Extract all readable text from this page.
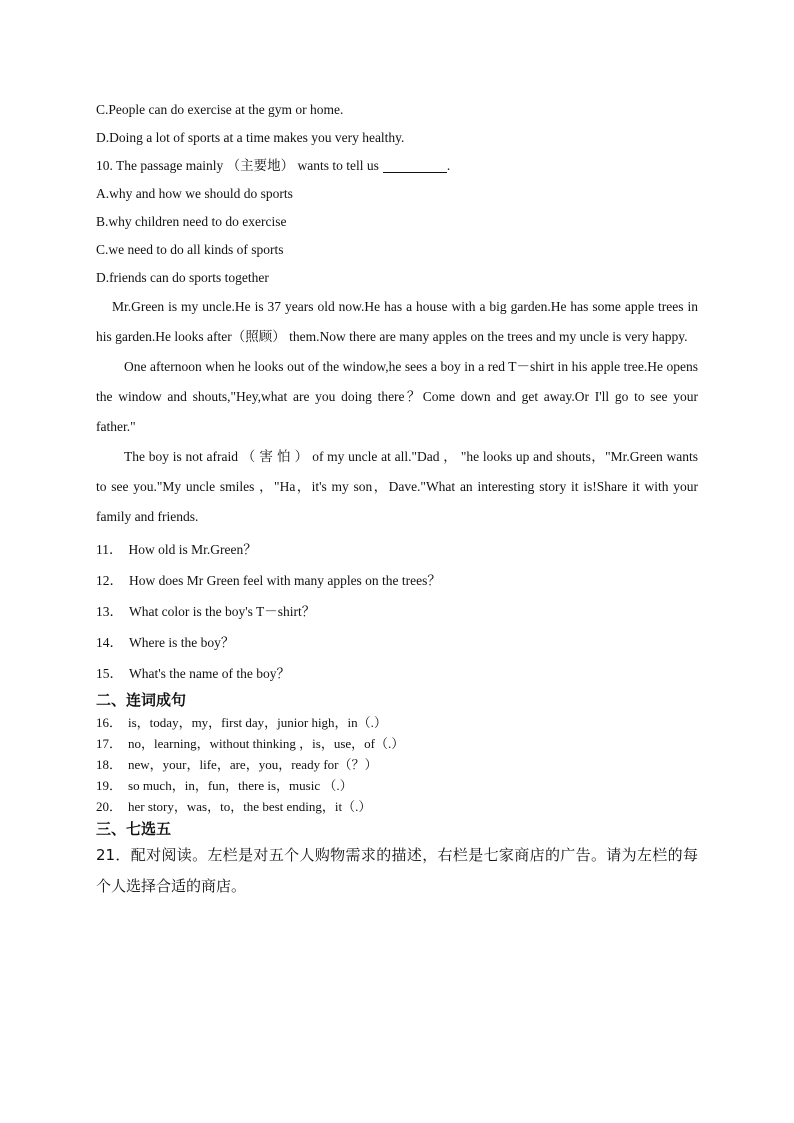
C.People can do exercise at the gym or home.

D.Doing a lot of sports at a time makes you very healthy.

10. The passage mainly （主要地） wants to tell us	.

A.why and how we should do sports

B.why children need to do exercise

C.we need to do all kinds of sports

D.friends can do sports together

Mr.Green is my uncle.He is 37 years old now.He has a house with a big garden.He has some apple trees in his garden.He looks after（照顾） them.Now there are many apples on the trees and my uncle is very happy.

One afternoon when he looks out of the window,he sees a boy in a red T－shirt in his apple tree.He opens the window and shouts,"Hey,what are you doing there？Come down and get away.Or I'll go to see your father."

The boy is not afraid （ 害 怕 ） of my uncle at all."Dad ， "he looks up and shouts，"Mr.Green wants to see you."My uncle smiles ，"Ha，it's my son，Dave."What an interesting story it is!Share it with your family and friends.

11． How old is Mr.Green？
12． How does Mr Green feel with many apples on the trees？
13． What color is the boy's T－shirt？
14． Where is the boy？
15． What's the name of the boy？

二、连词成句

16． is，today，my，first day，junior high，in（.）
17． no，learning，without thinking ，is，use，of（.）
18． new，your，life，are，you，ready for（？）
19． so much，in，fun，there is，music （.）
20． her story，was，to，the best ending，it（.）

三、七选五

21．配对阅读。左栏是对五个人购物需求的描述，右栏是七家商店的广告。请为左栏的每个人选择合适的商店。
